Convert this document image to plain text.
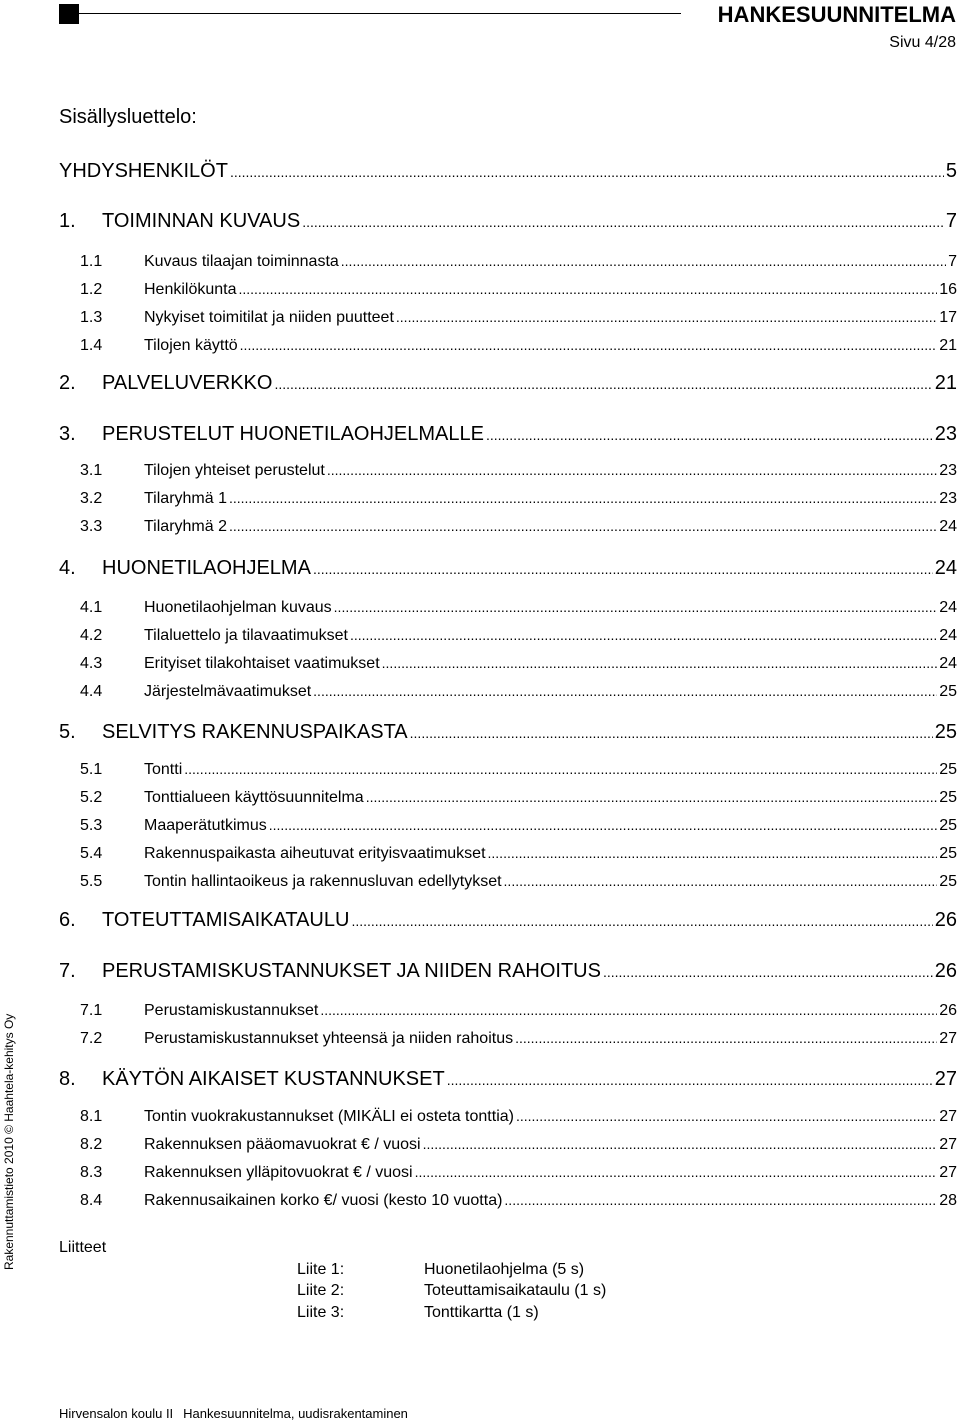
HANKESUUNNITELMA
Sivu 4/28
Sisällysluettelo:
YHDYSHENKILÖT .....	5
1.	TOIMINNAN KUVAUS .....	7
1.1	Kuvaus tilaajan toiminnasta .....	7
1.2	Henkilökunta .....	16
1.3	Nykyiset toimitilat ja niiden puutteet .....	17
1.4	Tilojen käyttö .....	21
2.	PALVELUVERKKO .....	21
3.	PERUSTELUT HUONETILAOHJELMALLE .....	23
3.1	Tilojen yhteiset perustelut .....	23
3.2	Tilaryhmä 1 .....	23
3.3	Tilaryhmä 2 .....	24
4.	HUONETILAOHJELMA .....	24
4.1	Huonetilaohjelman kuvaus .....	24
4.2	Tilaluettelo ja tilavaatimukset .....	24
4.3	Erityiset tilakohtaiset vaatimukset .....	24
4.4	Järjestelmävaatimukset .....	25
5.	SELVITYS RAKENNUSPAIKASTA .....	25
5.1	Tontti .....	25
5.2	Tonttialueen käyttösuunnitelma .....	25
5.3	Maaperätutkimus .....	25
5.4	Rakennuspaikasta aiheutuvat erityisvaatimukset .....	25
5.5	Tontin hallintaoikeus ja rakennusluvan edellytykset .....	25
6.	TOTEUTTAMISAIKATAULU .....	26
7.	PERUSTAMISKUSTANNUKSET JA NIIDEN RAHOITUS .....	26
7.1	Perustamiskustannukset .....	26
7.2	Perustamiskustannukset yhteensä ja niiden rahoitus .....	27
8.	KÄYTÖN AIKAISET KUSTANNUKSET .....	27
8.1	Tontin vuokrakustannukset (MIKÄLI ei osteta tonttia) .....	27
8.2	Rakennuksen pääomavuokrat € / vuosi .....	27
8.3	Rakennuksen ylläpitovuokrat € / vuosi .....	27
8.4	Rakennusaikainen korko €/ vuosi (kesto 10 vuotta) .....	28
Rakennuttamistieto 2010 © Haahtela-kehitys Oy	Liitteet
Liite 1:	Huonetilaohjelma (5 s)
Liite 2:	Toteuttamisaikataulu (1 s)
Liite 3:	Tonttikartta (1 s)
Hirvensalon koulu II Hankesuunnitelma, uudisrakentaminen
